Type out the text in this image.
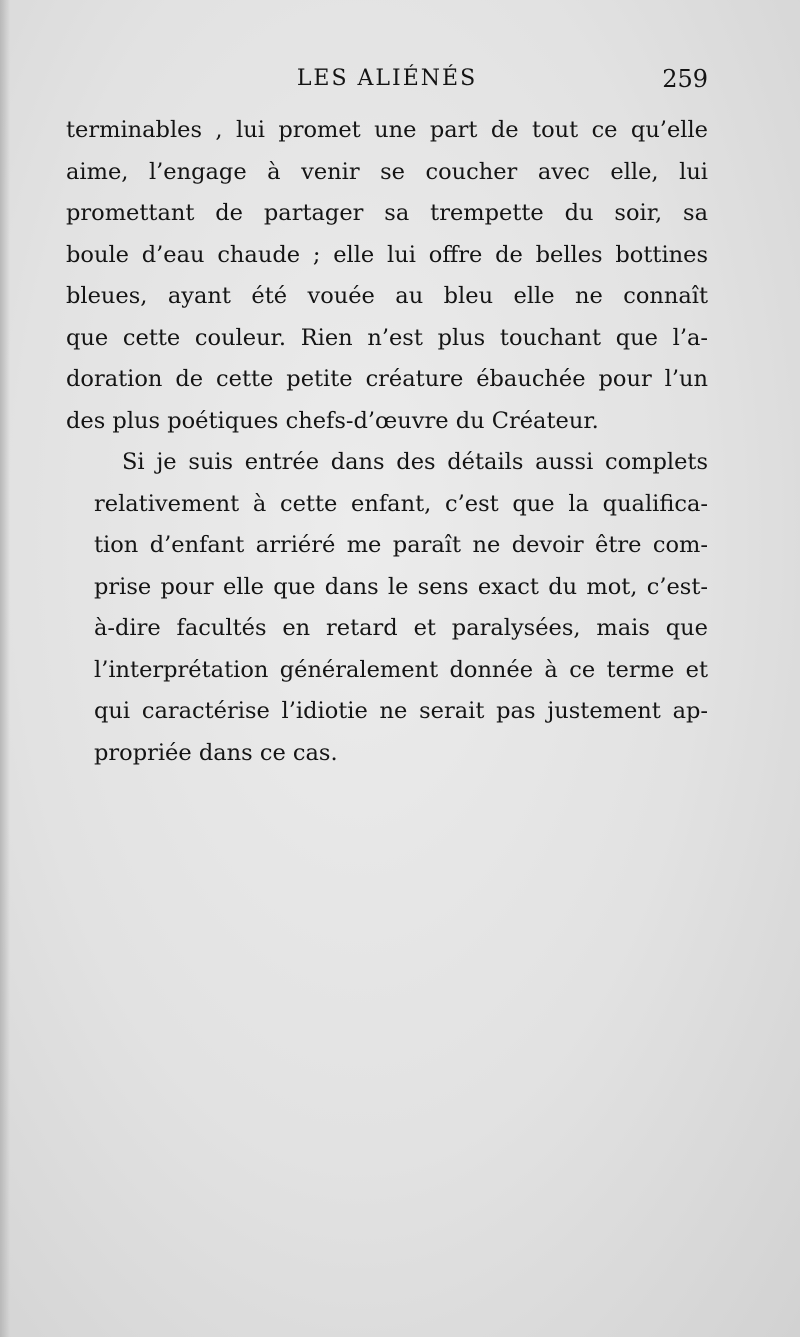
LES ALIÉNÉS	259
terminables , lui promet une part de tout ce qu’elle
aime, l’engage à venir se coucher avec elle, lui
promettant de partager sa trempette du soir, sa
boule d’eau chaude ; elle lui offre de belles bottines
bleues, ayant été vouée au bleu elle ne connaît
que cette couleur. Rien n’est plus touchant que l’a-
doration de cette petite créature ébauchée pour l’un
des plus poétiques chefs-d’œuvre du Créateur.
Si je suis entrée dans des détails aussi complets
relativement à cette enfant, c’est que la qualifica-
tion d’enfant arriéré me paraît ne devoir être com-
prise pour elle que dans le sens exact du mot, c’est-
à-dire facultés en retard et paralysées, mais que
l’interprétation généralement donnée à ce terme et
qui caractérise l’idiotie ne serait pas justement ap-
propriée dans ce cas.
